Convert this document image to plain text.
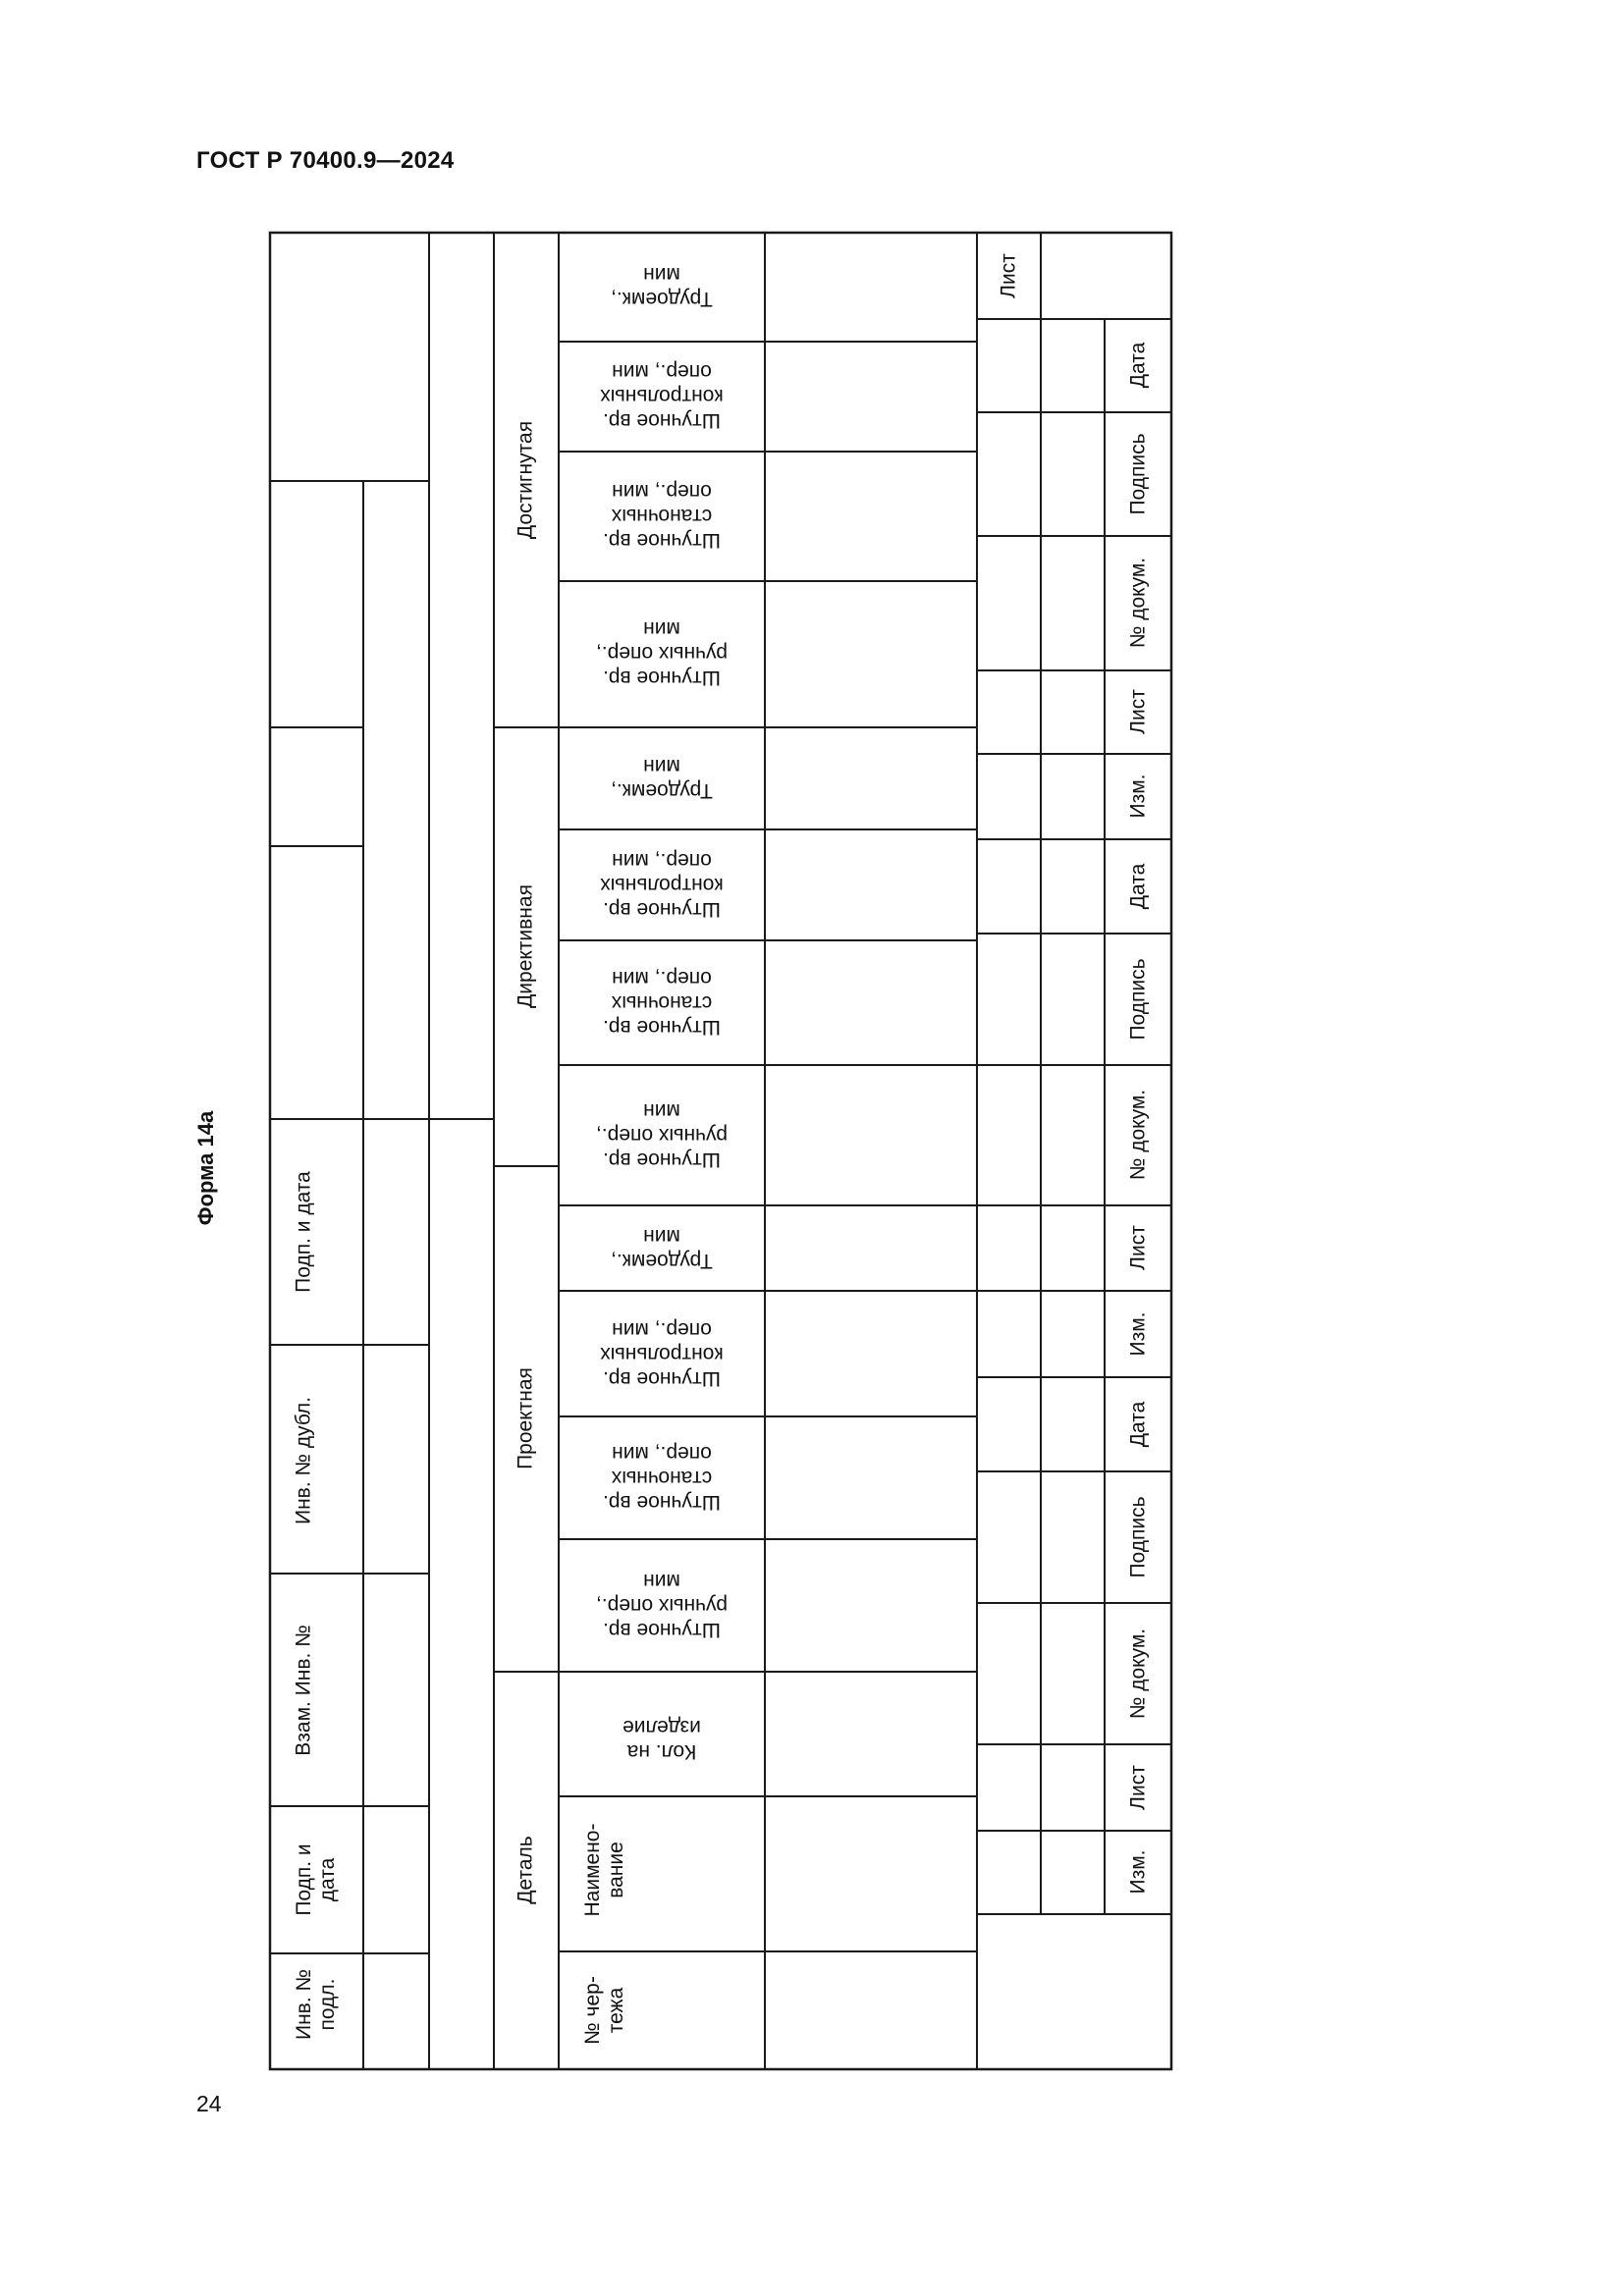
ГОСТ Р 70400.9—2024
Форма 14а
24
Инв. №подл.
Подп. идата
Взам. Инв. №
Инв. № дубл.
Подп. и дата
Деталь
Проектная
Директивная
Достигнутая
№ чер-тежа
Наимено-вание
Кол. наизделие
Штучное вр.ручных опер.,мин
Штучное вр.станочныхопер., мин
Штучное вр.контрольныхопер., мин
Трудоемк.,мин
Штучное вр.ручных опер.,мин
Штучное вр.станочныхопер., мин
Штучное вр.контрольныхопер., мин
Трудоемк.,мин
Штучное вр.ручных опер.,мин
Штучное вр.станочныхопер., мин
Штучное вр.контрольныхопер., мин
Трудоемк.,мин	Лист
Изм.
Лист
№ докум.
Подпись
Дата
Изм.
Лист
№ докум.
Подпись
Дата
Изм.
Лист
№ докум.
Подпись
Дата
